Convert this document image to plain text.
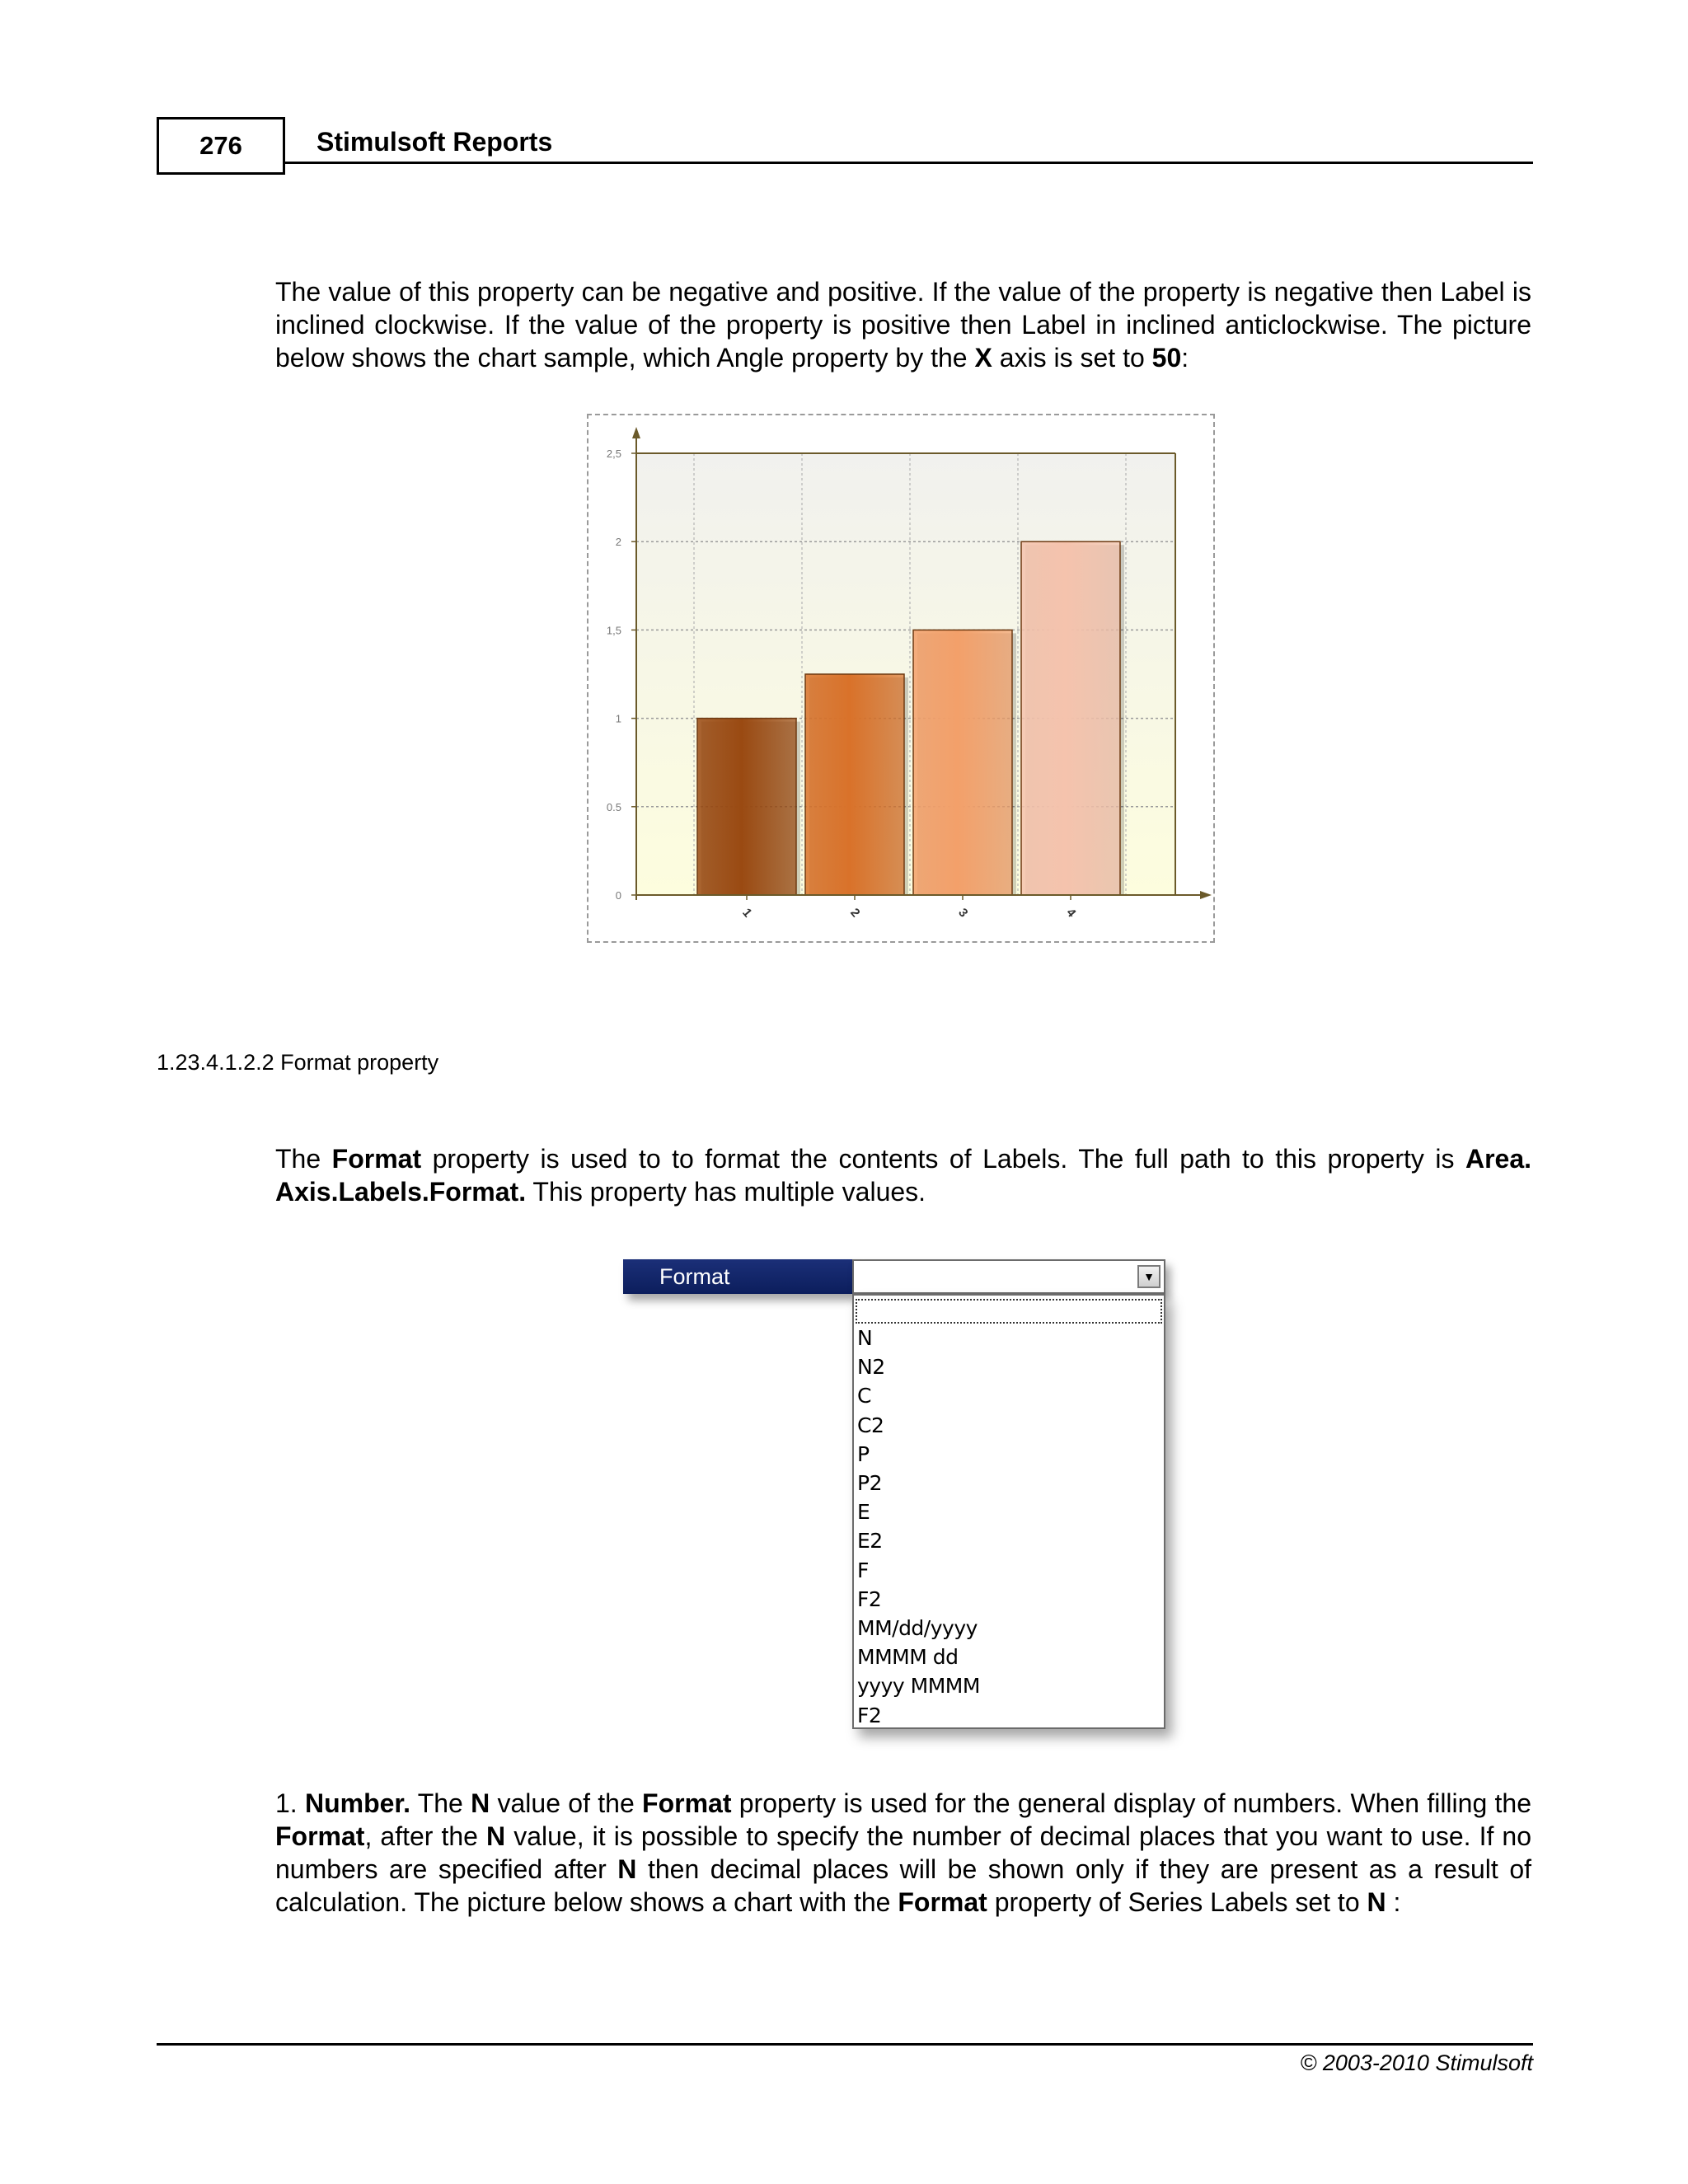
276	Stimulsoft Reports
The value of this property can be negative and positive. If the value of the property is negative then Label is inclined clockwise. If the value of the property is positive then Label in inclined anticlockwise. The picture below shows the chart sample, which Angle property by the X axis is set to 50:
0
0.5
1
1,5
2
2,5
1	2	3	4
1.23.4.1.2.2 Format property
The Format property is used to to format the contents of Labels. The full path to this property is Area. Axis.Labels.Format. This property has multiple values.
Format	▼
N
N2
C
C2
P
P2
E
E2
F
F2
MM/dd/yyyy
MMMM dd
yyyy MMMM
F2
1. Number. The N value of the Format property is used for the general display of numbers. When filling the Format, after the N value, it is possible to specify the number of decimal places that you want to use. If no numbers are specified after N then decimal places will be shown only if they are present as a result of calculation. The picture below shows a chart with the Format property of Series Labels set to N :
© 2003-2010 Stimulsoft
